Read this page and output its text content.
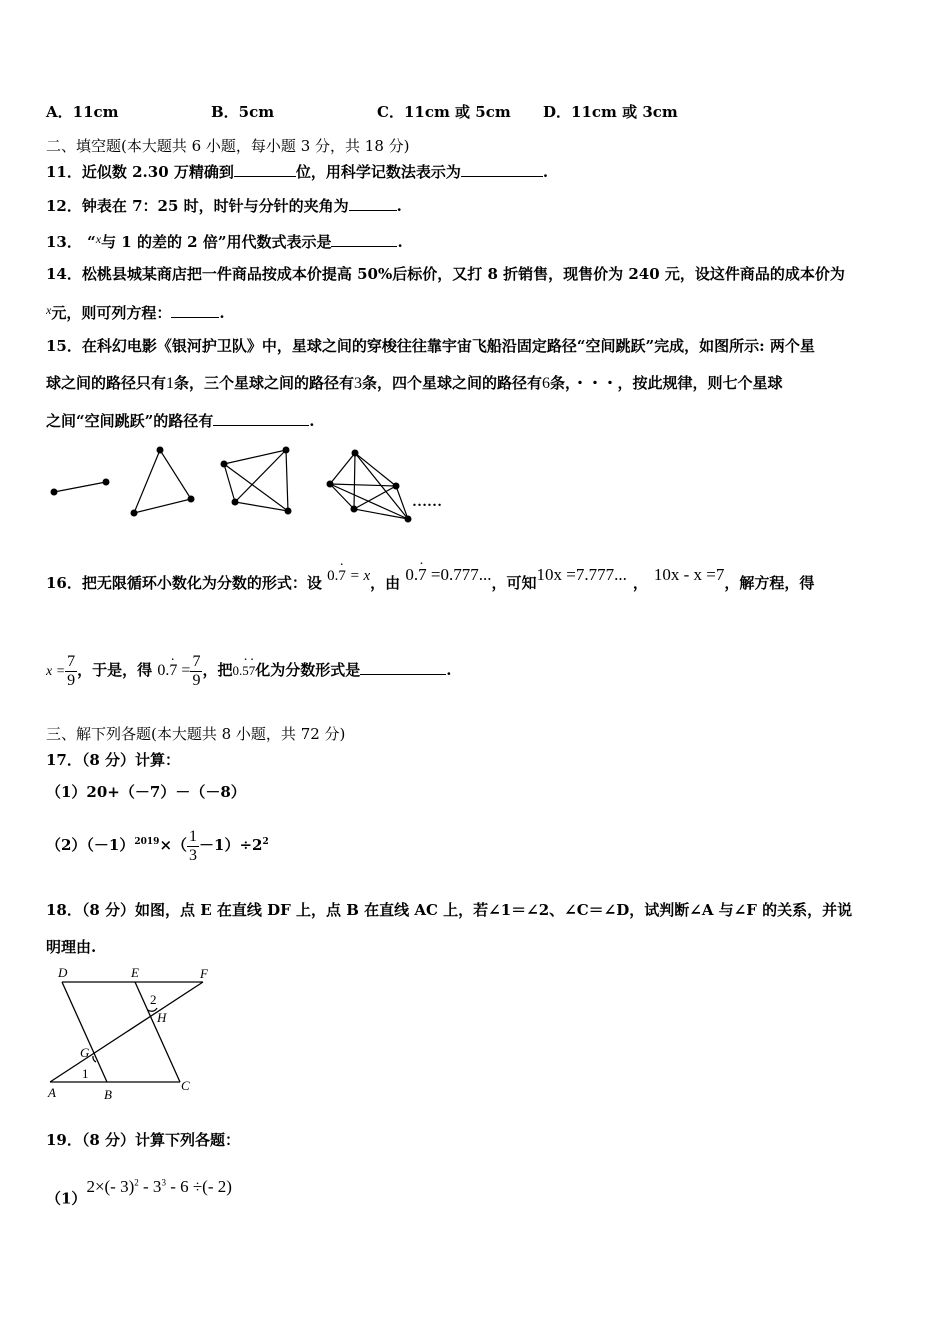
A．11cm	B．5cm	C．11cm 或 5cm D．11cm 或 3cm
二、填空题(本大题共 6 小题，每小题 3 分，共 18 分)
11．近似数 2.30 万精确到	位，用科学记数法表示为	.
12．钟表在 7：25 时，时针与分针的夹角为	.
13． “$^x$与 1 的差的 2 倍”用代数式表示是	.
14．松桃县城某商店把一件商品按成本价提高 50%后标价，又打 8 折销售，现售价为 240 元，设这件商品的成本价为
$^x$元，则可列方程：	.
15．在科幻电影《银河护卫队》中，星球之间的穿梭往往靠宇宙飞船沿固定路径“空间跳跃”完成，如图所示: 两个星
球之间的路径只有1条，三个星球之间的路径有3条，四个星球之间的路径有6条，・・・，按此规律，则七个星球
之间“空间跳跃”的路径有	.
……
16．把无限循环小数化为分数的形式：设 0.· 7 = x，由 0.· 7 =0.777...，可知10x =7.777... ， 10x - x =7，解方程，得
$x = \frac{7}{9}$ ，于是，得 $0.\cdot 7 = \frac{7}{9}$ ，把0.· 5· 7化为分数形式是	.
三、解下列各题(本大题共 8 小题，共 72 分)
17．（8 分）计算：
（1）20+（－7）－（－8）
$(2)(-1)^{2019}\times( \frac{1}{3} -1)\div 2^2$
18．（8 分）如图，点 E 在直线 DF 上，点 B 在直线 AC 上，若∠1＝∠2、∠C＝∠D，试判断∠A 与∠F 的关系，并说
明理由.
D	E	F
H
G
A	B
C
1
2
19．（8 分）计算下列各题：
（1）2×(- $3)^2 - 3^3 - 6$ ÷(- 2)
